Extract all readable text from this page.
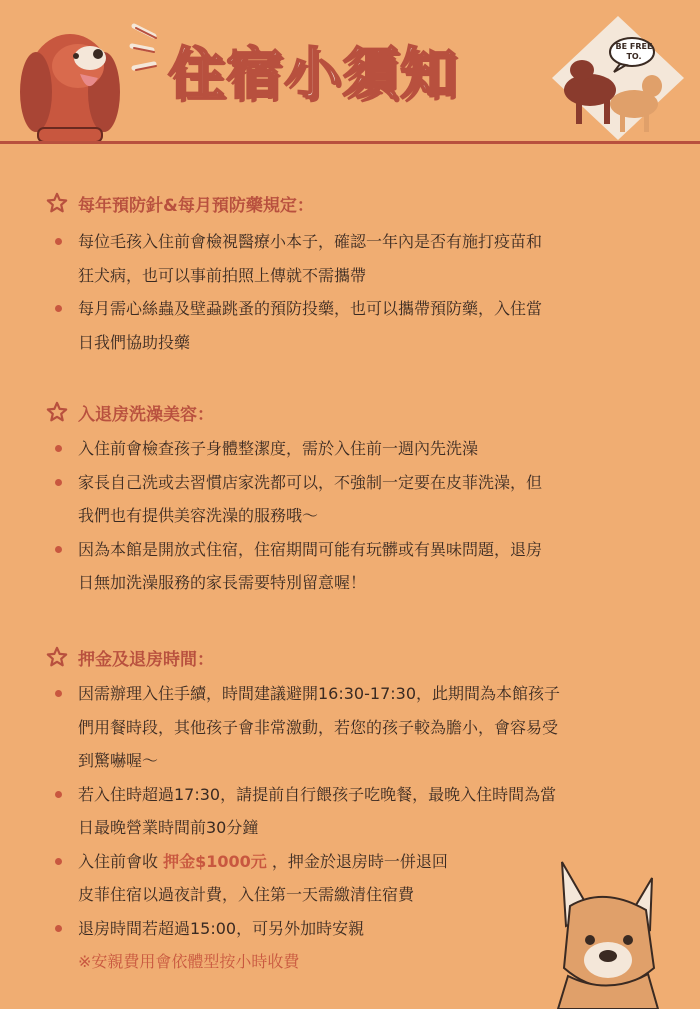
住宿小須知	BE FREE TO.
每年預防針&每月預防藥規定：
每位毛孩入住前會檢視醫療小本子，確認一年內是否有施打疫苗和
狂犬病，也可以事前拍照上傳就不需攜帶
每月需心絲蟲及壁蝨跳蚤的預防投藥，也可以攜帶預防藥，入住當
日我們協助投藥
入退房洗澡美容：
入住前會檢查孩子身體整潔度，需於入住前一週內先洗澡
家長自己洗或去習慣店家洗都可以，不強制一定要在皮菲洗澡，但
我們也有提供美容洗澡的服務哦～
因為本館是開放式住宿，住宿期間可能有玩髒或有異味問題，退房
日無加洗澡服務的家長需要特別留意喔！
押金及退房時間：
因需辦理入住手續，時間建議避開16:30-17:30，此期間為本館孩子
們用餐時段，其他孩子會非常激動，若您的孩子較為膽小，會容易受
到驚嚇喔～
若入住時超過17:30，請提前自行餵孩子吃晚餐，最晚入住時間為當
日最晚營業時間前30分鐘
入住前會收 押金$1000元 ，押金於退房時一併退回
皮菲住宿以過夜計費，入住第一天需繳清住宿費
退房時間若超過15:00，可另外加時安親
※安親費用會依體型按小時收費
